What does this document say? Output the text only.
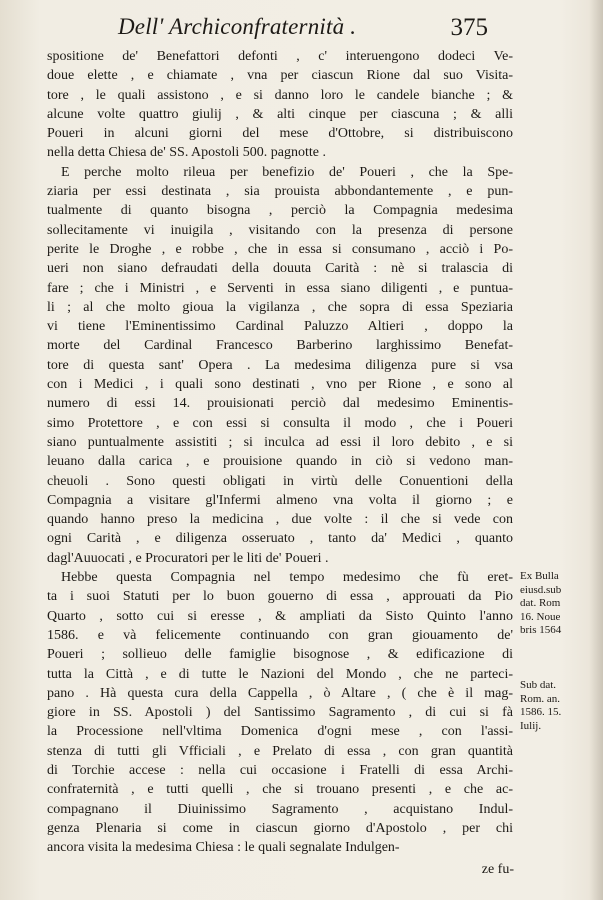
Dell' Archiconfraternità .	375
spositione de' Benefattori defonti , c' interuengono dodeci Ve-
doue elette , e chiamate , vna per ciascun Rione dal suo Visita-
tore , le quali assistono , e si danno loro le candele bianche ; &
alcune volte quattro giulij , & alti cinque per ciascuna ; & alli
Poueri in alcuni giorni del mese d'Ottobre, si distribuiscono
nella detta Chiesa de' SS. Apostoli 500. pagnotte .
E perche molto rileua per benefizio de' Poueri , che la Spe-
ziaria per essi destinata , sia prouista abbondantemente , e pun-
tualmente di quanto bisogna , perciò la Compagnia medesima
sollecitamente vi inuigila , visitando con la presenza di persone
perite le Droghe , e robbe , che in essa si consumano , acciò i Po-
ueri non siano defraudati della douuta Carità : nè si tralascia di
fare ; che i Ministri , e Serventi in essa siano diligenti , e puntua-
li ; al che molto gioua la vigilanza , che sopra di essa Speziaria
vi tiene l'Eminentissimo Cardinal Paluzzo Altieri , doppo la
morte del Cardinal Francesco Barberino larghissimo Benefat-
tore di questa sant' Opera . La medesima diligenza pure si vsa
con i Medici , i quali sono destinati , vno per Rione , e sono al
numero di essi 14. prouisionati perciò dal medesimo Eminentis-
simo Protettore , e con essi si consulta il modo , che i Poueri
siano puntualmente assistiti ; si inculca ad essi il loro debito , e si
leuano dalla carica , e prouisione quando in ciò si vedono man-
cheuoli . Sono questi obligati in virtù delle Conuentioni della
Compagnia a visitare gl'Infermi almeno vna volta il giorno ; e
quando hanno preso la medicina , due volte : il che si vede con
ogni Carità , e diligenza osseruato , tanto da' Medici , quanto
dagl'Auuocati , e Procuratori per le liti de' Poueri .
Hebbe questa Compagnia nel tempo medesimo che fù eret-
ta i suoi Statuti per lo buon gouerno di essa , approuati da Pio
Quarto , sotto cui si eresse , & ampliati da Sisto Quinto l'anno
1586. e và felicemente continuando con gran giouamento de'
Poueri ; sollieuo delle famiglie bisognose , & edificazione di
tutta la Città , e di tutte le Nazioni del Mondo , che ne parteci-
pano . Hà questa cura della Cappella , ò Altare , ( che è il mag-
giore in SS. Apostoli ) del Santissimo Sagramento , di cui si fà
la Processione nell'vltima Domenica d'ogni mese , con l'assi-
stenza di tutti gli Vfficiali , e Prelato di essa , con gran quantità
di Torchie accese : nella cui occasione i Fratelli di essa Archi-
confraternità , e tutti quelli , che si trouano presenti , e che ac-
compagnano il Diuinissimo Sagramento , acquistano Indul-
genza Plenaria si come in ciascun giorno d'Apostolo , per chi
ancora visita la medesima Chiesa : le quali segnalate Indulgen-
ze fu-
Ex Bulla
eiusd.sub
dat. Rom
16. Noue
bris 1564
Sub dat.
Rom. an.
1586. 15.
Iulij.
